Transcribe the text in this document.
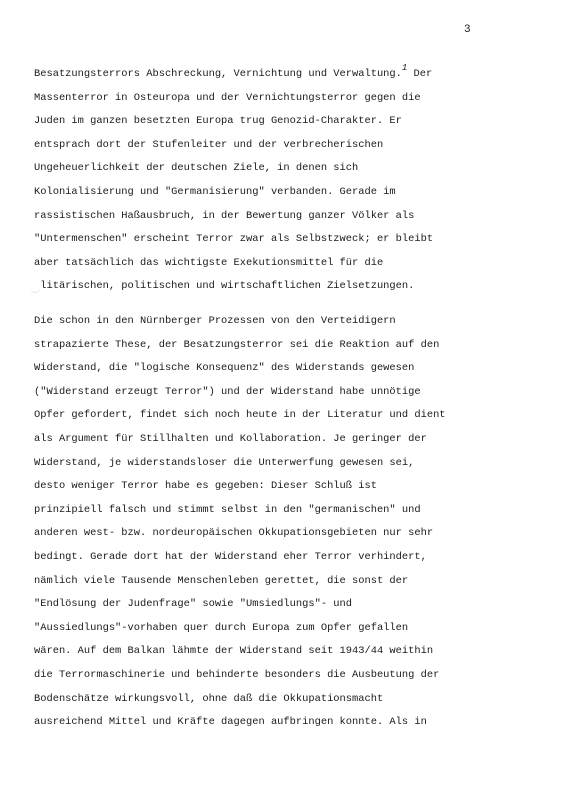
3
Besatzungsterrors Abschreckung, Vernichtung und Verwaltung.1 Der
Massenterror in Osteuropa und der Vernichtungsterror gegen die
Juden im ganzen besetzten Europa trug Genozid-Charakter. Er
entsprach dort der Stufenleiter und der verbrecherischen
Ungeheuerlichkeit der deutschen Ziele, in denen sich
Kolonialisierung und "Germanisierung" verbanden. Gerade im
rassistischen Haßausbruch, in der Bewertung ganzer Völker als
"Untermenschen" erscheint Terror zwar als Selbstzweck; er bleibt
aber tatsächlich das wichtigste Exekutionsmittel für die
litärischen, politischen und wirtschaftlichen Zielsetzungen.
Die schon in den Nürnberger Prozessen von den Verteidigern
strapazierte These, der Besatzungsterror sei die Reaktion auf den
Widerstand, die "logische Konsequenz" des Widerstands gewesen
("Widerstand erzeugt Terror") und der Widerstand habe unnötige
Opfer gefordert, findet sich noch heute in der Literatur und dient
als Argument für Stillhalten und Kollaboration. Je geringer der
Widerstand, je widerstandsloser die Unterwerfung gewesen sei,
desto weniger Terror habe es gegeben: Dieser Schluß ist
prinzipiell falsch und stimmt selbst in den "germanischen" und
anderen west- bzw. nordeuropäischen Okkupationsgebieten nur sehr
bedingt. Gerade dort hat der Widerstand eher Terror verhindert,
nämlich viele Tausende Menschenleben gerettet, die sonst der
"Endlösung der Judenfrage" sowie "Umsiedlungs"- und
"Aussiedlungs"-vorhaben quer durch Europa zum Opfer gefallen
wären. Auf dem Balkan lähmte der Widerstand seit 1943/44 weithin
die Terrormaschinerie und behinderte besonders die Ausbeutung der
Bodenschätze wirkungsvoll, ohne daß die Okkupationsmacht
ausreichend Mittel und Kräfte dagegen aufbringen konnte. Als in
